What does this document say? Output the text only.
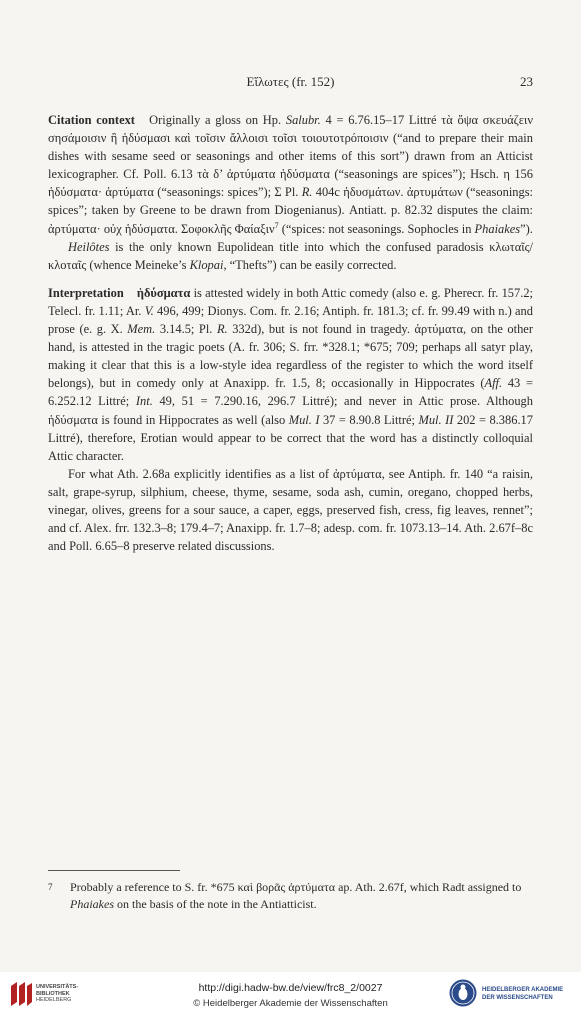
Εἵλωτες (fr. 152)	23

Citation context Originally a gloss on Hp. Salubr. 4 = 6.76.15–17 Littré τὰ ὄψα σκευάζειν σησάμοισιν ἢ ἡδύσμασι καὶ τοῖσιν ἄλλοισι τοῖσι τοιουτοτρόποισιν (“and to prepare their main dishes with sesame seed or seasonings and other items of this sort”) drawn from an Atticist lexicographer. Cf. Poll. 6.13 τὰ δ’ ἀρτύματα ἡδύσματα (“seasonings are spices”); Hsch. η 156 ἡδύσματα· ἀρτύματα (“seasonings: spices”); Σ Pl. R. 404c ἡδυσμάτων. ἀρτυμάτων (“seasonings: spices”; taken by Greene to be drawn from Diogenianus). Antiatt. p. 82.32 disputes the claim: ἀρτύματα· οὐχ ἡδύσματα. Σοφοκλῆς Φαίαξιν$^7$ (“spices: not seasonings. Sophocles in Phaiakes”).

Heilôtes is the only known Eupolidean title into which the confused paradosis κλωταῖς/κλοταῖς (whence Meineke’s Klopai, “Thefts”) can be easily corrected.

Interpretation ἡδύσματα is attested widely in both Attic comedy (also e. g. Pherecr. fr. 157.2; Telecl. fr. 1.11; Ar. V. 496, 499; Dionys. Com. fr. 2.16; Antiph. fr. 181.3; cf. fr. 99.49 with n.) and prose (e. g. X. Mem. 3.14.5; Pl. R. 332d), but is not found in tragedy. ἀρτύματα, on the other hand, is attested in the tragic poets (A. fr. 306; S. frr. *328.1; *675; 709; perhaps all satyr play, making it clear that this is a low-style idea regardless of the register to which the word itself belongs), but in comedy only at Anaxipp. fr. 1.5, 8; occasionally in Hippocrates (Aff. 43 = 6.252.12 Littré; Int. 49, 51 = 7.290.16, 296.7 Littré); and never in Attic prose. Although ἡδύσματα is found in Hippocrates as well (also Mul. I 37 = 8.90.8 Littré; Mul. II 202 = 8.386.17 Littré), therefore, Erotian would appear to be correct that the word has a distinctly colloquial Attic character.

For what Ath. 2.68a explicitly identifies as a list of ἀρτύματα, see Antiph. fr. 140 “a raisin, salt, grape-syrup, silphium, cheese, thyme, sesame, soda ash, cumin, oregano, chopped herbs, vinegar, olives, greens for a sour sauce, a caper, eggs, preserved fish, cress, fig leaves, rennet”; and cf. Alex. frr. 132.3–8; 179.4–7; Anaxipp. fr. 1.7–8; adesp. com. fr. 1073.13–14. Ath. 2.67f–8c and Poll. 6.65–8 preserve related discussions.

7	Probably a reference to S. fr. *675 καὶ βορᾶς ἀρτύματα ap. Ath. 2.67f, which Radt assigned to Phaiakes on the basis of the note in the Antiatticist.
UNIVERSITÄTS-
BIBLIOTHEK
HEIDELBERG
http://digi.hadw-bw.de/view/frc8_2/0027
© Heidelberger Akademie der Wissenschaften
HEIDELBERGER AKADEMIE
DER WISSENSCHAFTEN
